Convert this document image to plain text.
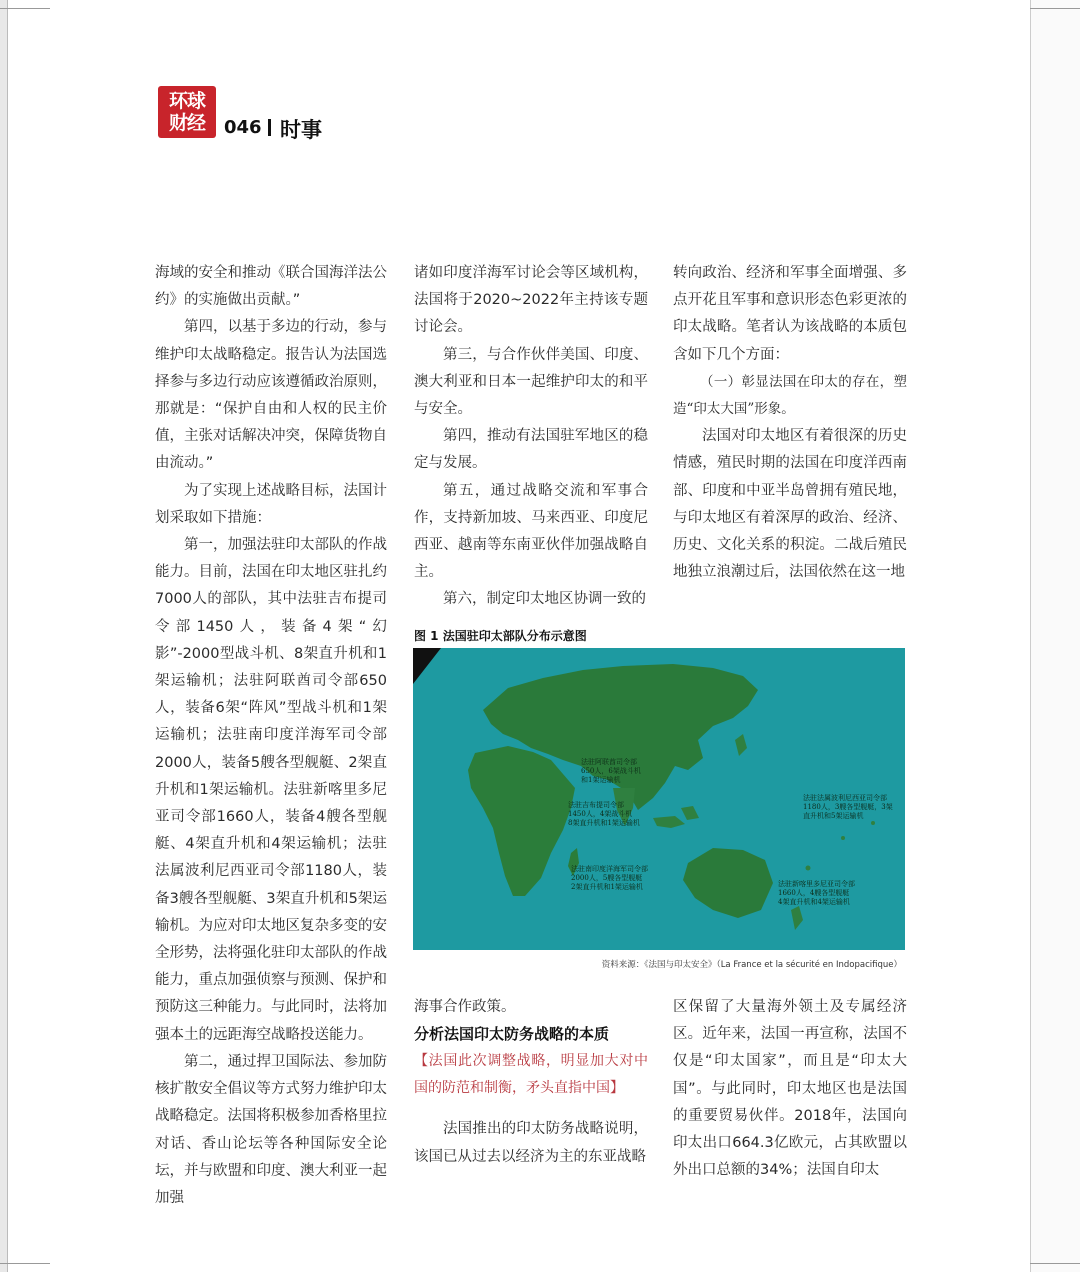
环球
财经	046 时事

海域的安全和推动《联合国海洋法公约》的实施做出贡献。”

第四，以基于多边的行动，参与维护印太战略稳定。报告认为法国选择参与多边行动应该遵循政治原则，那就是：“保护自由和人权的民主价值，主张对话解决冲突，保障货物自由流动。”

为了实现上述战略目标，法国计划采取如下措施：

第一，加强法驻印太部队的作战能力。目前，法国在印太地区驻扎约7000人的部队，其中法驻吉布提司令部1450人，装备4架“幻影”-2000型战斗机、8架直升机和1架运输机；法驻阿联酋司令部650人，装备6架“阵风”型战斗机和1架运输机；法驻南印度洋海军司令部2000人，装备5艘各型舰艇、2架直升机和1架运输机。法驻新喀里多尼亚司令部1660人，装备4艘各型舰艇、4架直升机和4架运输机；法驻法属波利尼西亚司令部1180人，装备3艘各型舰艇、3架直升机和5架运输机。为应对印太地区复杂多变的安全形势，法将强化驻印太部队的作战能力，重点加强侦察与预测、保护和预防这三种能力。与此同时，法将加强本土的远距海空战略投送能力。

第二，通过捍卫国际法、参加防核扩散安全倡议等方式努力维护印太战略稳定。法国将积极参加香格里拉对话、香山论坛等各种国际安全论坛，并与欧盟和印度、澳大利亚一起加强

诸如印度洋海军讨论会等区域机构，法国将于2020~2022年主持该专题讨论会。

第三，与合作伙伴美国、印度、澳大利亚和日本一起维护印太的和平与安全。

第四，推动有法国驻军地区的稳定与发展。

第五，通过战略交流和军事合作，支持新加坡、马来西亚、印度尼西亚、越南等东南亚伙伴加强战略自主。

第六，制定印太地区协调一致的

转向政治、经济和军事全面增强、多点开花且军事和意识形态色彩更浓的印太战略。笔者认为该战略的本质包含如下几个方面：

（一）彰显法国在印太的存在，塑造“印太大国”形象。

法国对印太地区有着很深的历史情感，殖民时期的法国在印度洋西南部、印度和中亚半岛曾拥有殖民地，与印太地区有着深厚的政治、经济、历史、文化关系的积淀。二战后殖民地独立浪潮过后，法国依然在这一地

图 1 法国驻印太部队分布示意图
法驻阿联酋司令部
650人，6架战斗机
和1架运输机
法驻吉布提司令部
1450人，4架战斗机
8架直升机和1架运输机
法驻南印度洋海军司令部
2000人，5艘各型舰艇
2架直升机和1架运输机
法驻法属波利尼西亚司令部
1180人，3艘各型舰艇，3架
直升机和5架运输机
法驻新喀里多尼亚司令部
1660人，4艘各型舰艇
4架直升机和4架运输机
资料来源：《法国与印太安全》（La France et la sécurité en Indopacifique）

海事合作政策。

分析法国印太防务战略的本质

【法国此次调整战略，明显加大对中国的防范和制衡，矛头直指中国】

法国推出的印太防务战略说明，该国已从过去以经济为主的东亚战略

区保留了大量海外领土及专属经济区。近年来，法国一再宣称，法国不仅是“印太国家”，而且是“印太大国”。与此同时，印太地区也是法国的重要贸易伙伴。2018年，法国向印太出口664.3亿欧元，占其欧盟以外出口总额的34%；法国自印太
